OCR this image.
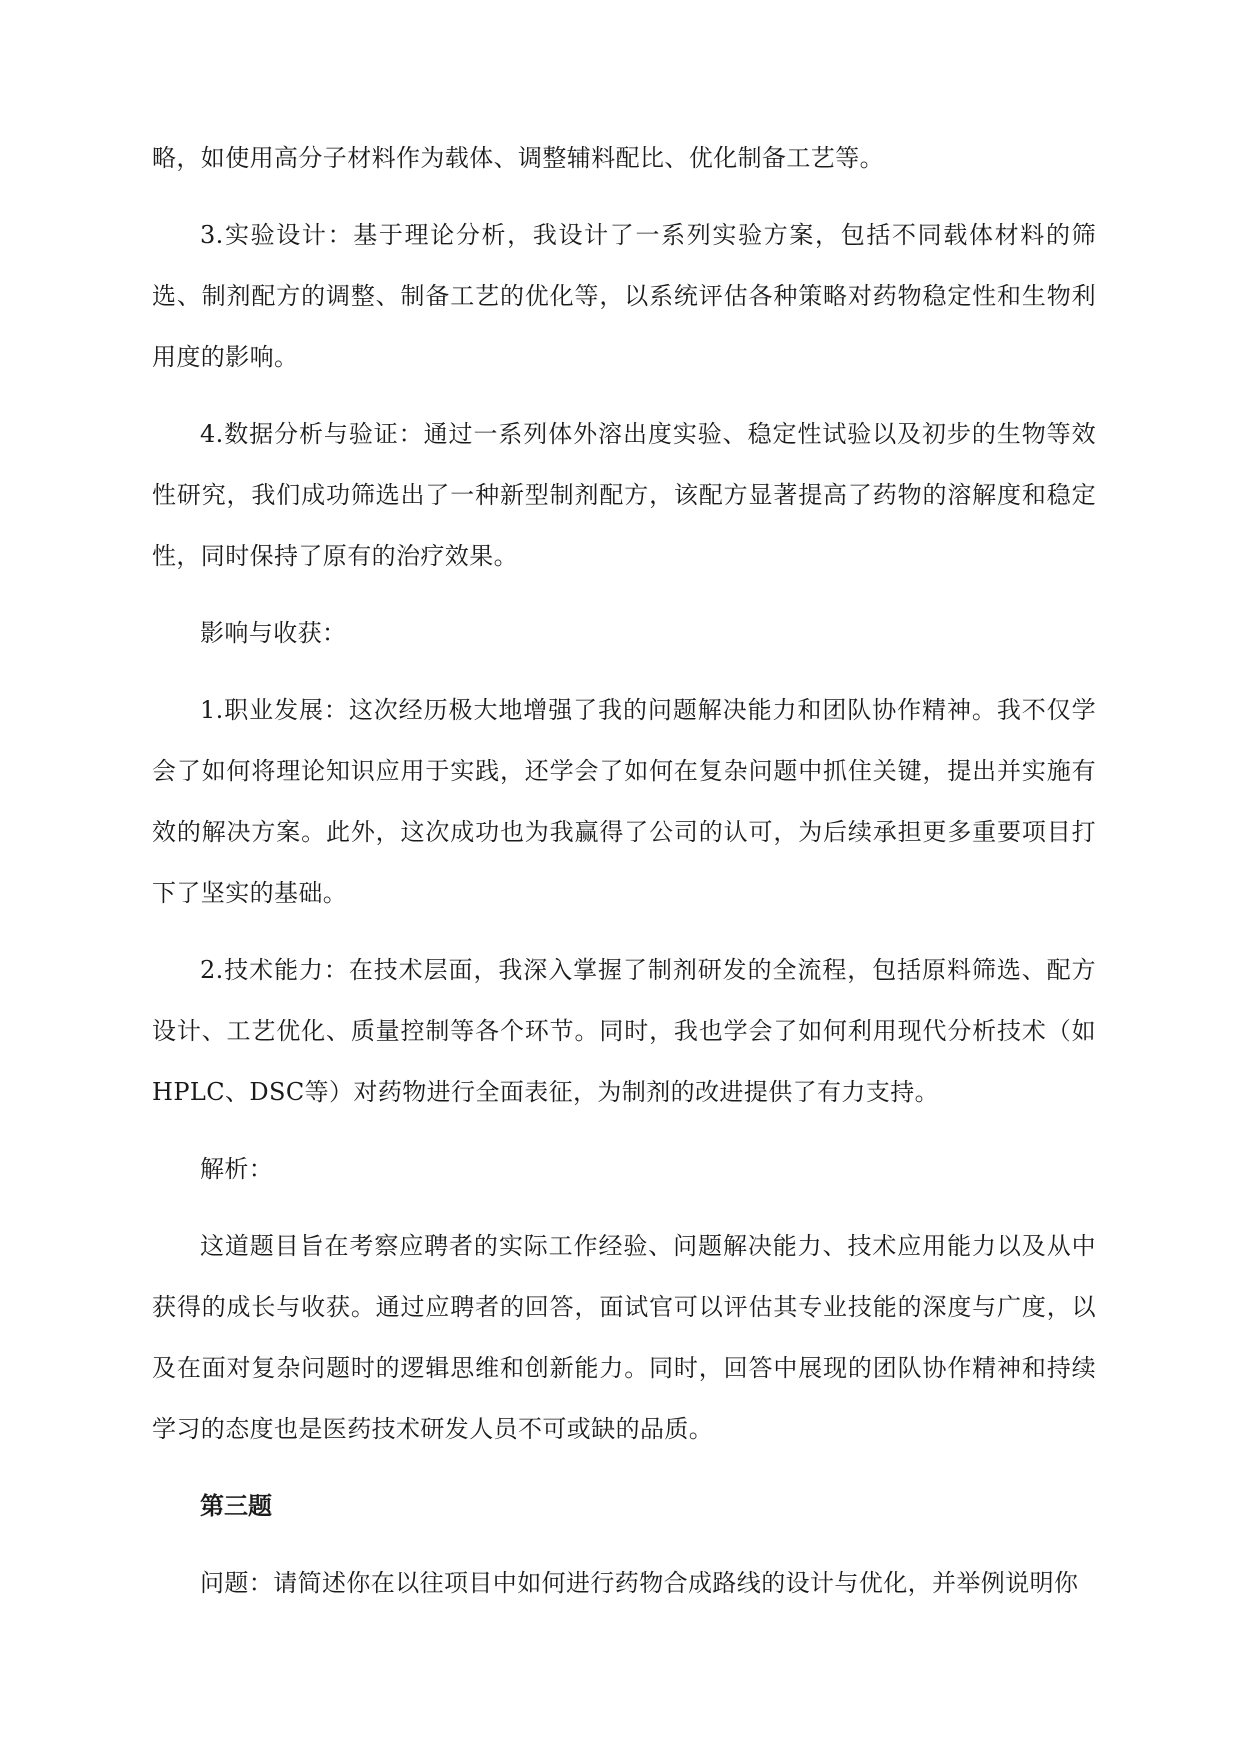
略，如使用高分子材料作为载体、调整辅料配比、优化制备工艺等。

3.实验设计：基于理论分析，我设计了一系列实验方案，包括不同载体材料的筛选、制剂配方的调整、制备工艺的优化等，以系统评估各种策略对药物稳定性和生物利用度的影响。

4.数据分析与验证：通过一系列体外溶出度实验、稳定性试验以及初步的生物等效性研究，我们成功筛选出了一种新型制剂配方，该配方显著提高了药物的溶解度和稳定性，同时保持了原有的治疗效果。

影响与收获：

1.职业发展：这次经历极大地增强了我的问题解决能力和团队协作精神。我不仅学会了如何将理论知识应用于实践，还学会了如何在复杂问题中抓住关键，提出并实施有效的解决方案。此外，这次成功也为我赢得了公司的认可，为后续承担更多重要项目打下了坚实的基础。

2.技术能力：在技术层面，我深入掌握了制剂研发的全流程，包括原料筛选、配方设计、工艺优化、质量控制等各个环节。同时，我也学会了如何利用现代分析技术（如HPLC、DSC等）对药物进行全面表征，为制剂的改进提供了有力支持。

解析：

这道题目旨在考察应聘者的实际工作经验、问题解决能力、技术应用能力以及从中获得的成长与收获。通过应聘者的回答，面试官可以评估其专业技能的深度与广度，以及在面对复杂问题时的逻辑思维和创新能力。同时，回答中展现的团队协作精神和持续学习的态度也是医药技术研发人员不可或缺的品质。

第三题

问题：请简述你在以往项目中如何进行药物合成路线的设计与优化，并举例说明你
